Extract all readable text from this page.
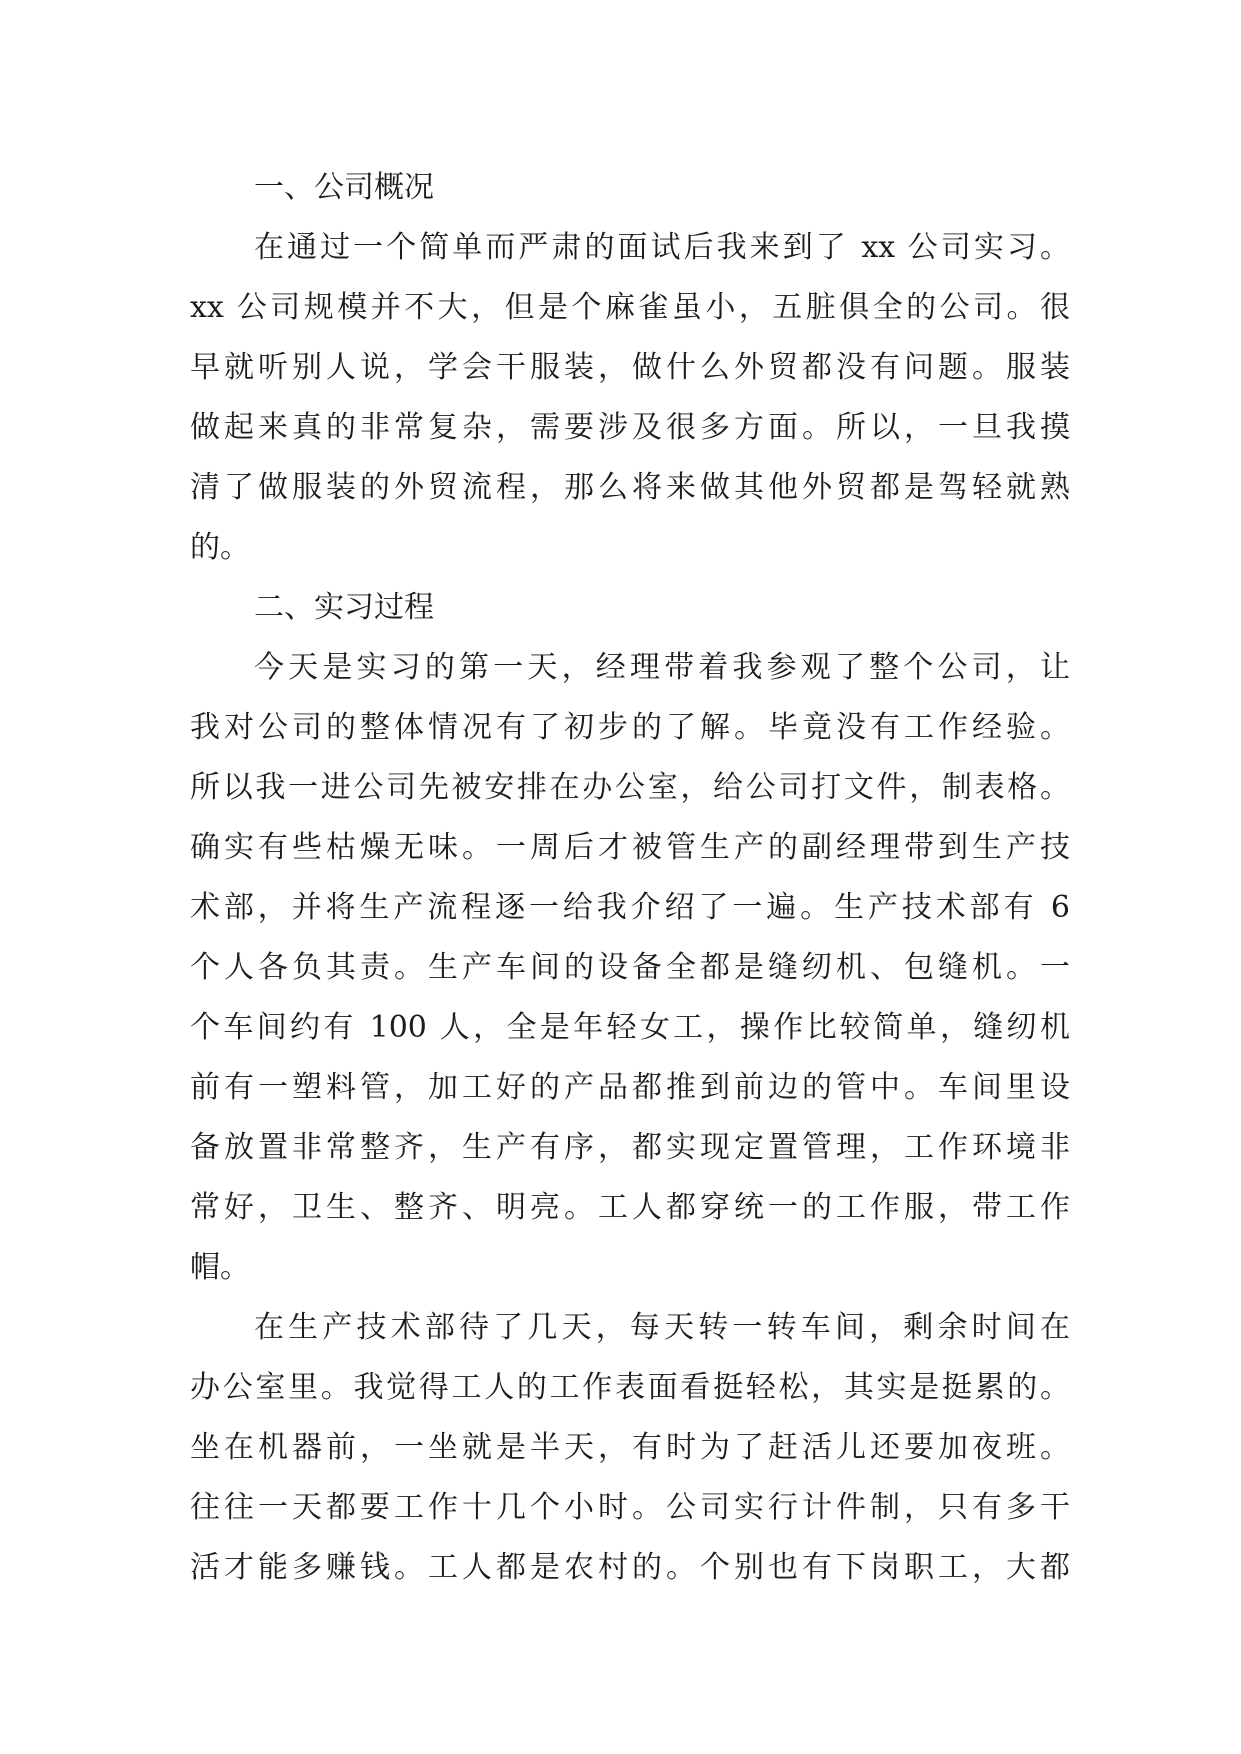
一、公司概况
在通过一个简单而严肃的面试后我来到了 xx 公司实习。
xx 公司规模并不大，但是个麻雀虽小，五脏俱全的公司。很
早就听别人说，学会干服装，做什么外贸都没有问题。服装
做起来真的非常复杂，需要涉及很多方面。所以，一旦我摸
清了做服装的外贸流程，那么将来做其他外贸都是驾轻就熟
的。
二、实习过程
今天是实习的第一天，经理带着我参观了整个公司，让
我对公司的整体情况有了初步的了解。毕竟没有工作经验。
所以我一进公司先被安排在办公室，给公司打文件，制表格。
确实有些枯燥无味。一周后才被管生产的副经理带到生产技
术部，并将生产流程逐一给我介绍了一遍。生产技术部有 6
个人各负其责。生产车间的设备全都是缝纫机、包缝机。一
个车间约有 100 人，全是年轻女工，操作比较简单，缝纫机
前有一塑料管，加工好的产品都推到前边的管中。车间里设
备放置非常整齐，生产有序，都实现定置管理，工作环境非
常好，卫生、整齐、明亮。工人都穿统一的工作服，带工作
帽。
在生产技术部待了几天，每天转一转车间，剩余时间在
办公室里。我觉得工人的工作表面看挺轻松，其实是挺累的。
坐在机器前，一坐就是半天，有时为了赶活儿还要加夜班。
往往一天都要工作十几个小时。公司实行计件制，只有多干
活才能多赚钱。工人都是农村的。个别也有下岗职工，大都
